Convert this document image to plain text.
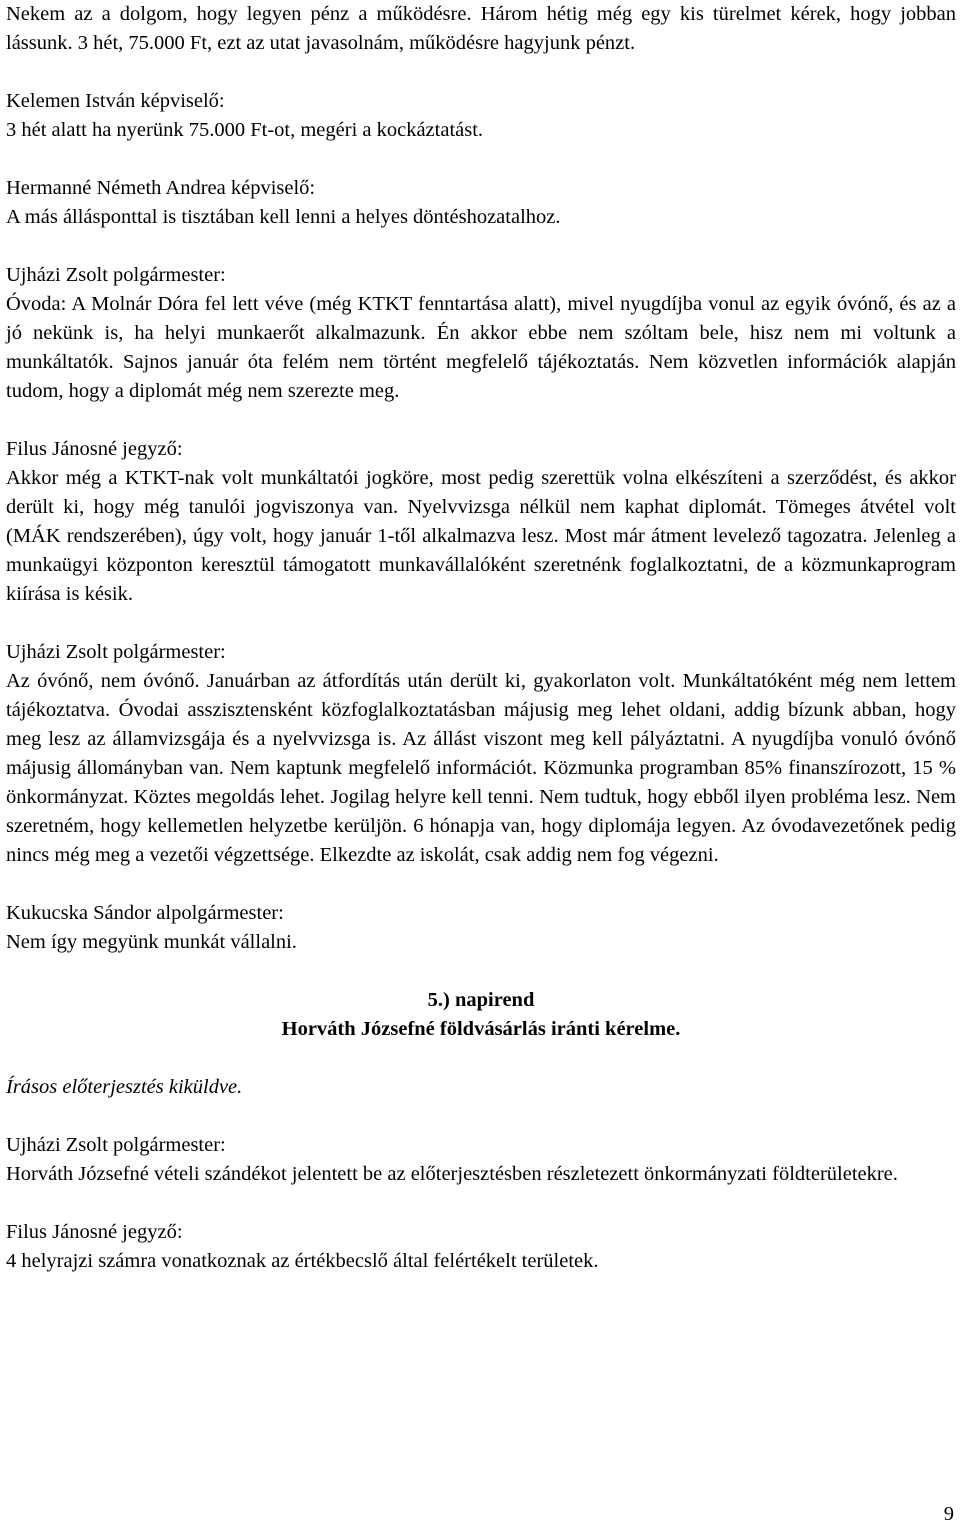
Nekem az a dolgom, hogy legyen pénz a működésre. Három hétig még egy kis türelmet kérek, hogy jobban lássunk. 3 hét, 75.000 Ft, ezt az utat javasolnám, működésre hagyjunk pénzt.

Kelemen István képviselő:

3 hét alatt ha nyerünk 75.000 Ft-ot, megéri a kockáztatást.

Hermanné Németh Andrea képviselő:

A más állásponttal is tisztában kell lenni a helyes döntéshozatalhoz.

Ujházi Zsolt polgármester:

Óvoda: A Molnár Dóra fel lett véve (még KTKT fenntartása alatt), mivel nyugdíjba vonul az egyik óvónő, és az a jó nekünk is, ha helyi munkaerőt alkalmazunk. Én akkor ebbe nem szóltam bele, hisz nem mi voltunk a munkáltatók. Sajnos január óta felém nem történt megfelelő tájékoztatás. Nem közvetlen információk alapján tudom, hogy a diplomát még nem szerezte meg.

Filus Jánosné jegyző:

Akkor még a KTKT-nak volt munkáltatói jogköre, most pedig szerettük volna elkészíteni a szerződést, és akkor derült ki, hogy még tanulói jogviszonya van. Nyelvvizsga nélkül nem kaphat diplomát. Tömeges átvétel volt (MÁK rendszerében), úgy volt, hogy január 1-től alkalmazva lesz. Most már átment levelező tagozatra. Jelenleg a munkaügyi központon keresztül támogatott munkavállalóként szeretnénk foglalkoztatni, de a közmunkaprogram kiírása is késik.

Ujházi Zsolt polgármester:

Az óvónő, nem óvónő. Januárban az átfordítás után derült ki, gyakorlaton volt. Munkáltatóként még nem lettem tájékoztatva. Óvodai asszisztensként közfoglalkoztatásban májusig meg lehet oldani, addig bízunk abban, hogy meg lesz az államvizsgája és a nyelvvizsga is. Az állást viszont meg kell pályáztatni. A nyugdíjba vonuló óvónő májusig állományban van. Nem kaptunk megfelelő információt. Közmunka programban 85% finanszírozott, 15 % önkormányzat. Köztes megoldás lehet. Jogilag helyre kell tenni. Nem tudtuk, hogy ebből ilyen probléma lesz. Nem szeretném, hogy kellemetlen helyzetbe kerüljön. 6 hónapja van, hogy diplomája legyen. Az óvodavezetőnek pedig nincs még meg a vezetői végzettsége. Elkezdte az iskolát, csak addig nem fog végezni.

Kukucska Sándor alpolgármester:

Nem így megyünk munkát vállalni.

5.) napirend

Horváth Józsefné földvásárlás iránti kérelme.

Írásos előterjesztés kiküldve.

Ujházi Zsolt polgármester:

Horváth Józsefné vételi szándékot jelentett be az előterjesztésben részletezett önkormányzati földterületekre.

Filus Jánosné jegyző:

4 helyrajzi számra vonatkoznak az értékbecslő által felértékelt területek.

9
